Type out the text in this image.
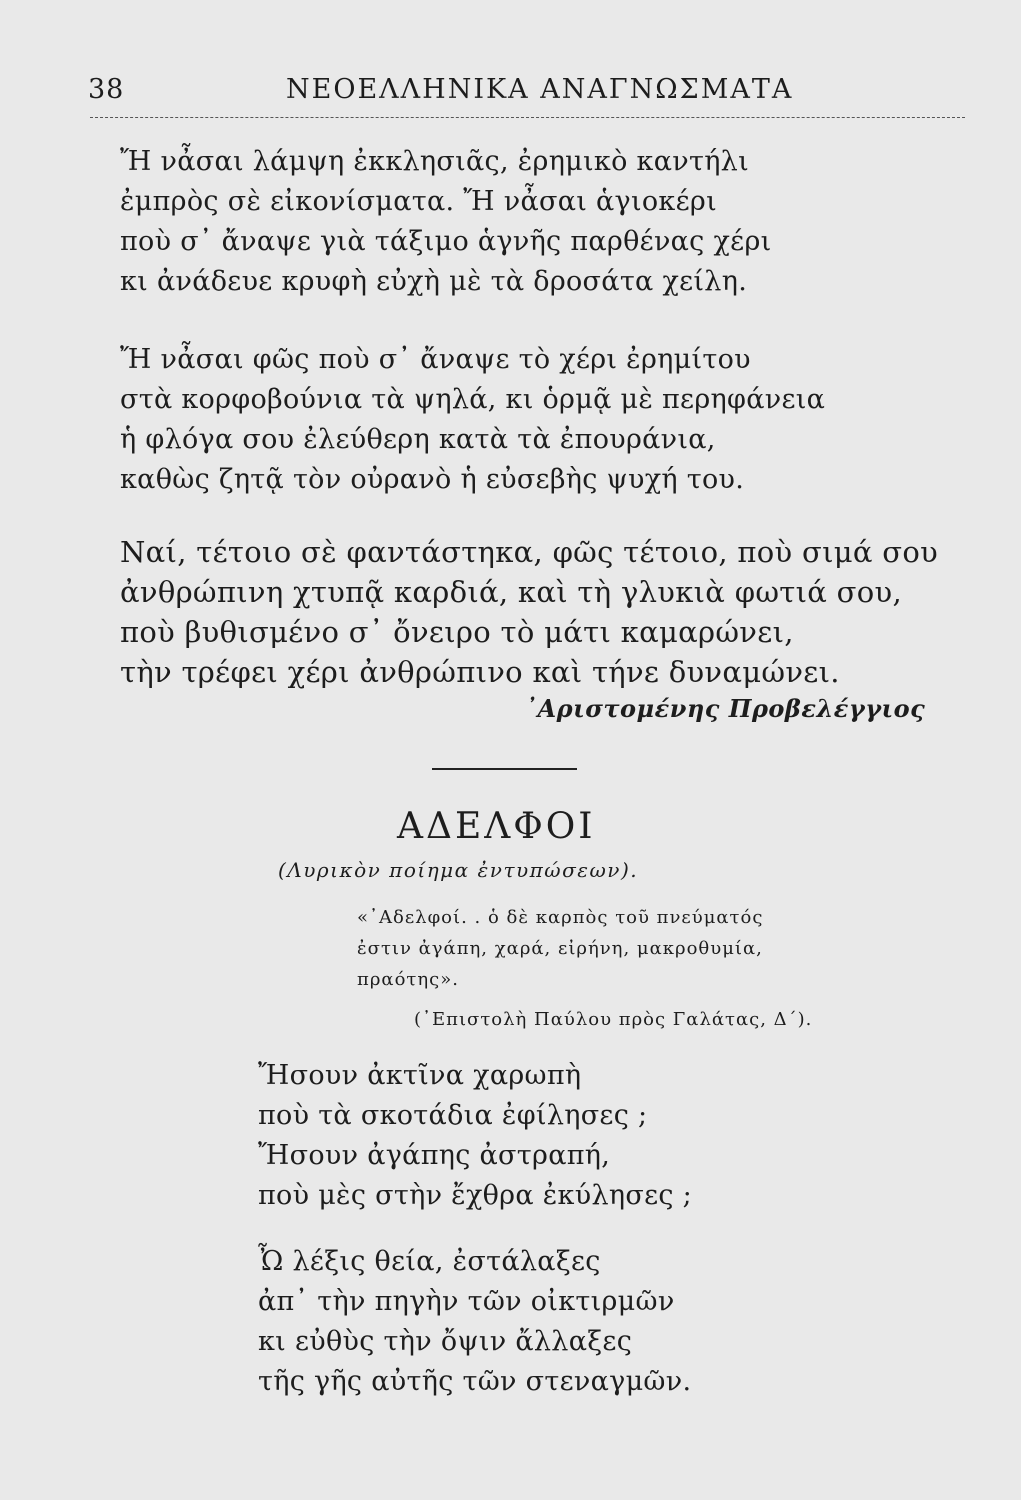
38	ΝΕΟΕΛΛΗΝΙΚΑ ΑΝΑΓΝΩΣΜΑΤΑ
Ἤ νἆσαι λάμψη ἐκκλησιᾶς, ἐρημικὸ καντήλι
ἐμπρὸς σὲ εἰκονίσματα. Ἤ νἆσαι ἁγιοκέρι
ποὺ σ᾽ ἄναψε γιὰ τάξιμο ἁγνῆς παρθένας χέρι
κι ἀνάδευε κρυφὴ εὐχὴ μὲ τὰ δροσάτα χείλη.
Ἤ νἆσαι φῶς ποὺ σ᾽ ἄναψε τὸ χέρι ἐρημίτου
στὰ κορφοβούνια τὰ ψηλά, κι ὁρμᾷ μὲ περηφάνεια
ἡ φλόγα σου ἐλεύθερη κατὰ τὰ ἐπουράνια,
καθὼς ζητᾷ τὸν οὐρανὸ ἡ εὐσεβὴς ψυχή του.
Ναί, τέτοιο σὲ φαντάστηκα, φῶς τέτοιο, ποὺ σιμά σου
ἀνθρώπινη χτυπᾷ καρδιά, καὶ τὴ γλυκιὰ φωτιά σου,
ποὺ βυθισμένο σ᾽ ὄνειρο τὸ μάτι καμαρώνει,
τὴν τρέφει χέρι ἀνθρώπινο καὶ τήνε δυναμώνει.
᾽Αριστομένης Προβελέγγιος
ΑΔΕΛΦΟΙ
(Λυρικὸν ποίημα ἐντυπώσεων).
«᾽Αδελφοί. . ὁ δὲ καρπὸς τοῦ πνεύματός
ἐστιν ἀγάπη, χαρά, εἰρήνη, μακροθυμία,
πραότης».
(᾽Επιστολὴ Παύλου πρὸς Γαλάτας, Δ΄).
Ἤσουν ἀκτῖνα χαρωπὴ
ποὺ τὰ σκοτάδια ἐφίλησες ;
Ἤσουν ἀγάπης ἀστραπή,
ποὺ μὲς στὴν ἔχθρα ἐκύλησες ;
Ὦ λέξις θεία, ἐστάλαξες
ἀπ᾽ τὴν πηγὴν τῶν οἰκτιρμῶν
κι εὐθὺς τὴν ὄψιν ἄλλαξες
τῆς γῆς αὐτῆς τῶν στεναγμῶν.
